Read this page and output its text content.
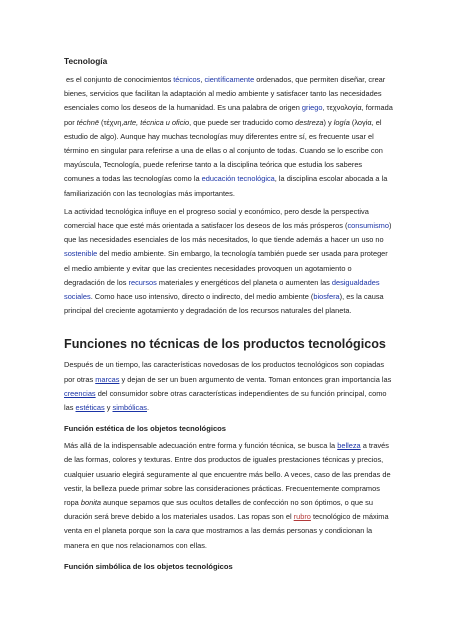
Tecnología

es el conjunto de conocimientos técnicos, científicamente ordenados, que permiten diseñar, crear bienes, servicios que facilitan la adaptación al medio ambiente y satisfacer tanto las necesidades esenciales como los deseos de la humanidad. Es una palabra de origen griego, τεχνολογία, formada por téchnē (τέχνη,arte, técnica u oficio, que puede ser traducido como destreza) y logía (λογία, el estudio de algo). Aunque hay muchas tecnologías muy diferentes entre sí, es frecuente usar el término en singular para referirse a una de ellas o al conjunto de todas. Cuando se lo escribe con mayúscula, Tecnología, puede referirse tanto a la disciplina teórica que estudia los saberes comunes a todas las tecnologías como la educación tecnológica, la disciplina escolar abocada a la familiarización con las tecnologías más importantes.

La actividad tecnológica influye en el progreso social y económico, pero desde la perspectiva comercial hace que esté más orientada a satisfacer los deseos de los más prósperos (consumismo) que las necesidades esenciales de los más necesitados, lo que tiende además a hacer un uso no sostenible del medio ambiente. Sin embargo, la tecnología también puede ser usada para proteger el medio ambiente y evitar que las crecientes necesidades provoquen un agotamiento o degradación de los recursos materiales y energéticos del planeta o aumenten las desigualdades sociales. Como hace uso intensivo, directo o indirecto, del medio ambiente (biosfera), es la causa principal del creciente agotamiento y degradación de los recursos naturales del planeta.

Funciones no técnicas de los productos tecnológicos

Después de un tiempo, las características novedosas de los productos tecnológicos son copiadas por otras marcas y dejan de ser un buen argumento de venta. Toman entonces gran importancia las creencias del consumidor sobre otras características independientes de su función principal, como las estéticas y simbólicas.

Función estética de los objetos tecnológicos

Más allá de la indispensable adecuación entre forma y función técnica, se busca la belleza a través de las formas, colores y texturas. Entre dos productos de iguales prestaciones técnicas y precios, cualquier usuario elegirá seguramente al que encuentre más bello. A veces, caso de las prendas de vestir, la belleza puede primar sobre las consideraciones prácticas. Frecuentemente compramos ropa bonita aunque sepamos que sus ocultos detalles de confección no son óptimos, o que su duración será breve debido a los materiales usados. Las ropas son el rubro tecnológico de máxima venta en el planeta porque son la cara que mostramos a las demás personas y condicionan la manera en que nos relacionamos con ellas.

Función simbólica de los objetos tecnológicos
